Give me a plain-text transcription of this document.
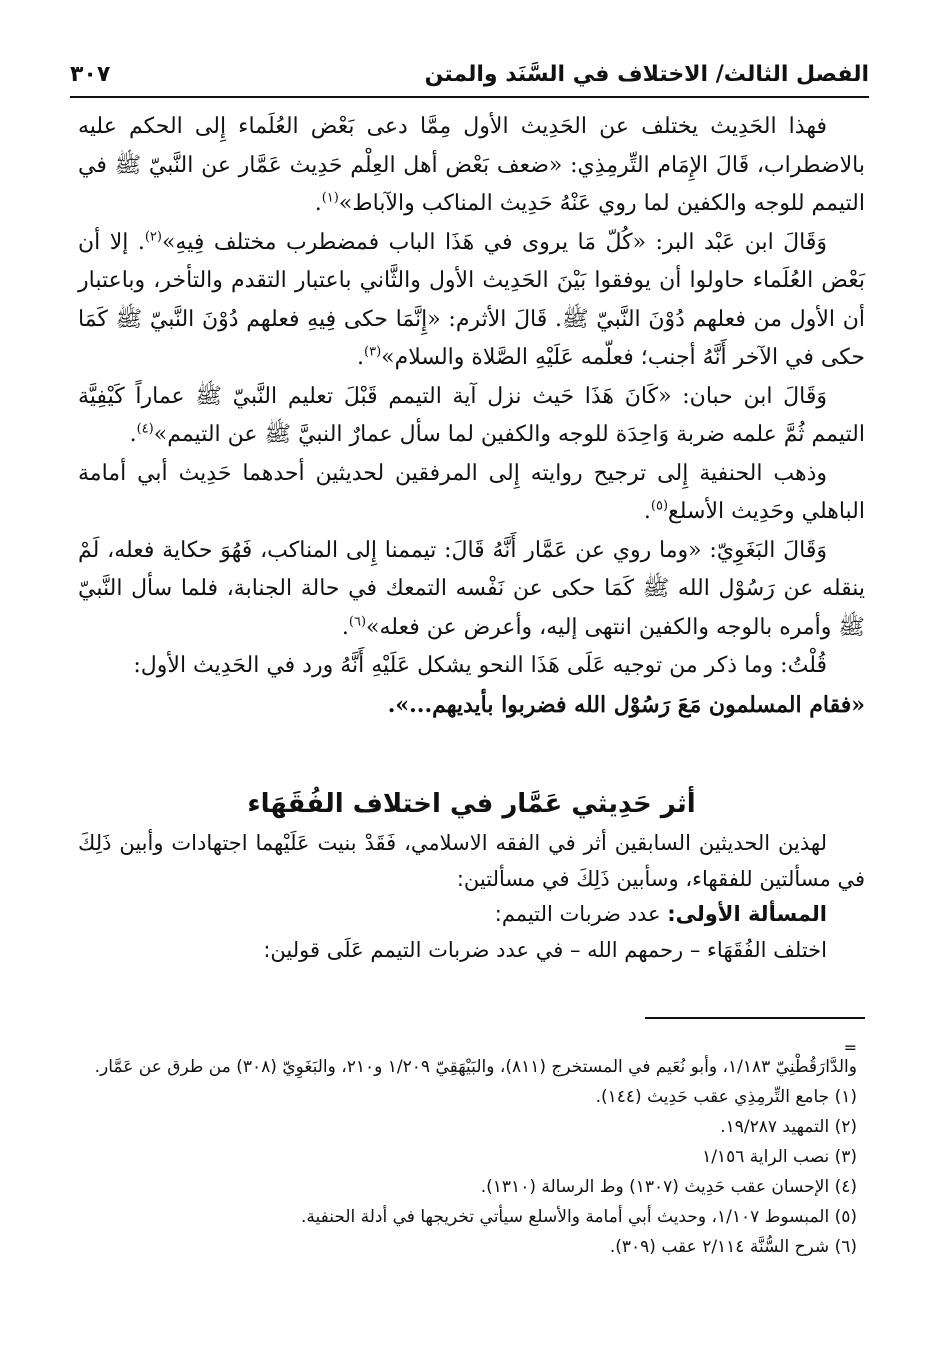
الفصل الثالث/ الاختلاف في السَّنَد والمتن
٣٠٧

فهذا الحَدِيث يختلف عن الحَدِيث الأول مِمَّا دعى بَعْض العُلَماء إِلى الحكم عليه بالاضطراب، قَالَ الإِمَام التِّرمِذِي: «ضعف بَعْض أهل العِلْم حَدِيث عَمَّار عن النَّبيّ ﷺ في التيمم للوجه والكفين لما روي عَنْهُ حَدِيث المناكب والآباط»$^{(١)}$.

وَقَالَ ابن عَبْد البر: «كُلّ مَا يروى في هَذَا الباب فمضطرب مختلف فِيهِ»$^{(٢)}$. إلا أن بَعْض العُلَماء حاولوا أن يوفقوا بَيْنَ الحَدِيث الأول والثَّاني باعتبار التقدم والتأخر، وباعتبار أن الأول من فعلهم دُوْنَ النَّبيّ ﷺ. قَالَ الأثرم: «إِنَّمَا حكى فِيهِ فعلهم دُوْنَ النَّبيّ ﷺ كَمَا حكى في الآخر أَنَّهُ أجنب؛ فعلّمه عَلَيْهِ الصَّلاة والسلام»$^{(٣)}$.

وَقَالَ ابن حبان: «كَانَ هَذَا حَيث نزل آية التيمم قَبْلَ تعليم النَّبيّ ﷺ عماراً كَيْفِيَّة التيمم ثُمَّ علمه ضربة وَاحِدَة للوجه والكفين لما سأل عمارٌ النبيَّ ﷺ عن التيمم»$^{(٤)}$.

وذهب الحنفية إِلى ترجيح روايته إِلى المرفقين لحديثين أحدهما حَدِيث أبي أمامة الباهلي وحَدِيث الأسلع$^{(٥)}$.

وَقَالَ البَغَوِيّ: «وما روي عن عَمَّار أَنَّهُ قَالَ: تيممنا إِلى المناكب، فَهُوَ حكاية فعله، لَمْ ينقله عن رَسُوْل الله ﷺ كَمَا حكى عن نَفْسه التمعك في حالة الجنابة، فلما سأل النَّبيّ ﷺ وأمره بالوجه والكفين انتهى إليه، وأعرض عن فعله»$^{(٦)}$.

قُلْتُ: وما ذكر من توجيه عَلَى هَذَا النحو يشكل عَلَيْهِ أَنَّهُ ورد في الحَدِيث الأول:

«فقام المسلمون مَعَ رَسُوْل الله فضربوا بأيديهم...».

أثر حَدِيثي عَمَّار في اختلاف الفُقَهَاء

لهذين الحديثين السابقين أثر في الفقه الاسلامي، فَقَدْ بنيت عَلَيْهما اجتهادات وأبين ذَلِكَ في مسألتين للفقهاء، وسأبين ذَلِكَ في مسألتين:

المسألة الأولى: عدد ضربات التيمم:

اختلف الفُقَهَاء – رحمهم الله – في عدد ضربات التيمم عَلَى قولين:

=

والدَّارَقُطْنِيّ ١/١٨٣، وأبو نُعَيم في المستخرج (٨١١)، والبَيْهَقِيّ ١/٢٠٩ و٢١٠، والبَغَوِيّ (٣٠٨) من طرق عن عَمَّار.

(١) جامع التِّرمِذِي عقب حَدِيث (١٤٤).

(٢) التمهيد ١٩/٢٨٧.

(٣) نصب الراية ١/١٥٦

(٤) الإحسان عقب حَدِيث (١٣٠٧) وط الرسالة (١٣١٠).

(٥) المبسوط ١/١٠٧، وحديث أبي أمامة والأسلع سيأتي تخريجها في أدلة الحنفية.

(٦) شرح السُّنَّة ٢/١١٤ عقب (٣٠٩).
